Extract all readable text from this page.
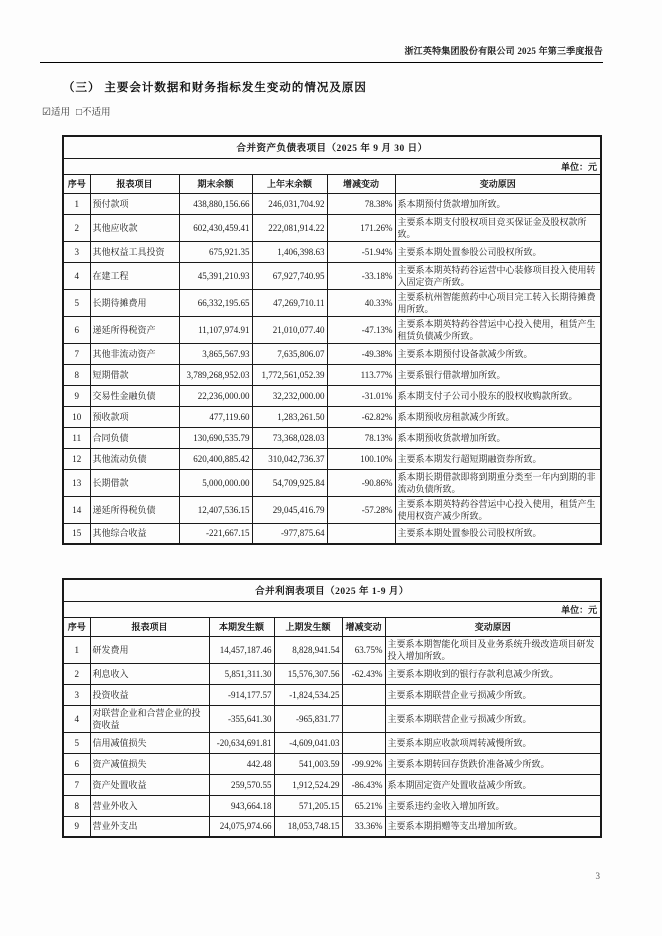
浙江英特集团股份有限公司 2025 年第三季度报告
（三） 主要会计数据和财务指标发生变动的情况及原因
☑适用 □不适用
合并资产负债表项目（2025 年 9 月 30 日）					
单位：元					
序号	报表项目	期末余额	上年末余额	增减变动	变动原因
1	预付款项	438,880,156.66	246,031,704.92	78.38%	系本期预付货款增加所致。
2	其他应收款	602,430,459.41	222,081,914.22	171.26%	主要系本期支付股权项目竞买保证金及股权款所致。
3	其他权益工具投资	675,921.35	1,406,398.63	-51.94%	主要系本期处置参股公司股权所致。
4	在建工程	45,391,210.93	67,927,740.95	-33.18%	主要系本期英特药谷运营中心装修项目投入使用转入固定资产所致。
5	长期待摊费用	66,332,195.65	47,269,710.11	40.33%	主要系杭州智能煎药中心项目完工转入长期待摊费用所致。
6	递延所得税资产	11,107,974.91	21,010,077.40	-47.13%	主要系本期英特药谷营运中心投入使用，租赁产生租赁负债减少所致。
7	其他非流动资产	3,865,567.93	7,635,806.07	-49.38%	主要系本期预付设备款减少所致。
8	短期借款	3,789,268,952.03	1,772,561,052.39	113.77%	主要系银行借款增加所致。
9	交易性金融负债	22,236,000.00	32,232,000.00	-31.01%	系本期支付子公司小股东的股权收购款所致。
10	预收款项	477,119.60	1,283,261.50	-62.82%	系本期预收房租款减少所致。
11	合同负债	130,690,535.79	73,368,028.03	78.13%	系本期预收货款增加所致。
12	其他流动负债	620,400,885.42	310,042,736.37	100.10%	主要系本期发行超短期融资券所致。
13	长期借款	5,000,000.00	54,709,925.84	-90.86%	系本期长期借款即将到期重分类至一年内到期的非流动负债所致。
14	递延所得税负债	12,407,536.15	29,045,416.79	-57.28%	主要系本期英特药谷营运中心投入使用，租赁产生使用权资产减少所致。
15	其他综合收益	-221,667.15	-977,875.64		主要系本期处置参股公司股权所致。
合并利润表项目（2025 年 1-9 月）					
单位：元					
序号	报表项目	本期发生额	上期发生额	增减变动	变动原因
1	研发费用	14,457,187.46	8,828,941.54	63.75%	主要系本期智能化项目及业务系统升级改造项目研发投入增加所致。
2	利息收入	5,851,311.30	15,576,307.56	-62.43%	主要系本期收到的银行存款利息减少所致。
3	投资收益	-914,177.57	-1,824,534.25		主要系本期联营企业亏损减少所致。
4	对联营企业和合营企业的投资收益	-355,641.30	-965,831.77		主要系本期联营企业亏损减少所致。
5	信用减值损失	-20,634,691.81	-4,609,041.03		主要系本期应收款项周转减慢所致。
6	资产减值损失	442.48	541,003.59	-99.92%	主要系本期转回存货跌价准备减少所致。
7	资产处置收益	259,570.55	1,912,524.29	-86.43%	系本期固定资产处置收益减少所致。
8	营业外收入	943,664.18	571,205.15	65.21%	主要系违约金收入增加所致。
9	营业外支出	24,075,974.66	18,053,748.15	33.36%	主要系本期捐赠等支出增加所致。
3
